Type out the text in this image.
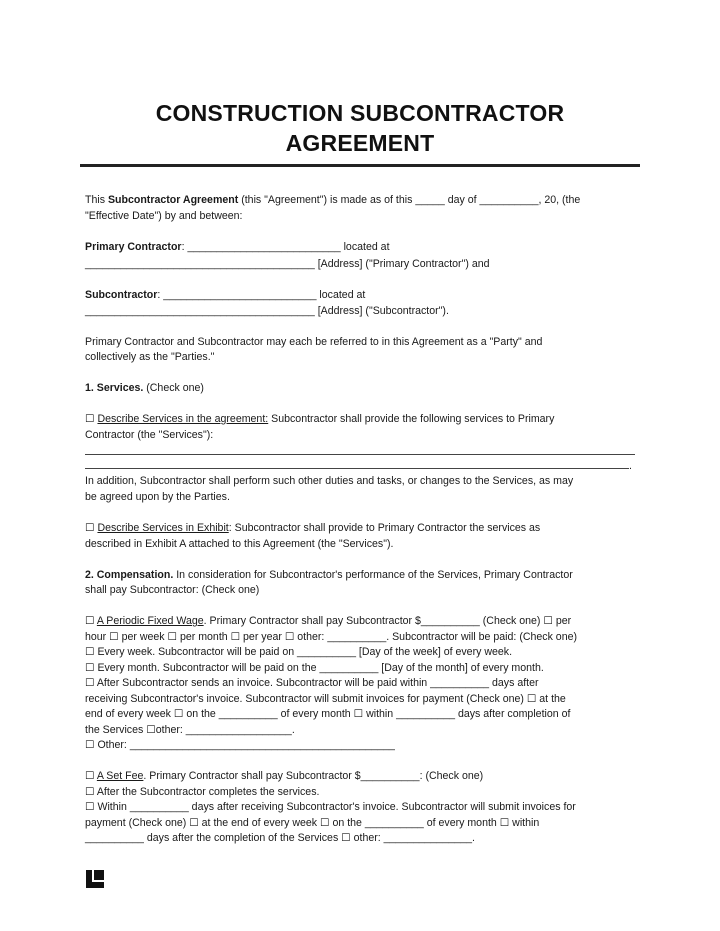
CONSTRUCTION SUBCONTRACTOR
AGREEMENT
This Subcontractor Agreement (this "Agreement") is made as of this _____ day of __________, 20, (the
"Effective Date") by and between:
Primary Contractor: __________________________ located at
_______________________________________ [Address] ("Primary Contractor") and
Subcontractor: __________________________ located at
_______________________________________ [Address] ("Subcontractor").
Primary Contractor and Subcontractor may each be referred to in this Agreement as a "Party" and
collectively as the "Parties."
1. Services. (Check one)
☐ Describe Services in the agreement: Subcontractor shall provide the following services to Primary
Contractor (the "Services"):
.
In addition, Subcontractor shall perform such other duties and tasks, or changes to the Services, as may
be agreed upon by the Parties.
☐ Describe Services in Exhibit: Subcontractor shall provide to Primary Contractor the services as
described in Exhibit A attached to this Agreement (the "Services").
2. Compensation. In consideration for Subcontractor's performance of the Services, Primary Contractor
shall pay Subcontractor: (Check one)
☐ A Periodic Fixed Wage. Primary Contractor shall pay Subcontractor $__________ (Check one) ☐ per
hour ☐ per week ☐ per month ☐ per year ☐ other: __________. Subcontractor will be paid: (Check one)
☐ Every week. Subcontractor will be paid on __________ [Day of the week] of every week.
☐ Every month. Subcontractor will be paid on the __________ [Day of the month] of every month.
☐ After Subcontractor sends an invoice. Subcontractor will be paid within __________ days after
receiving Subcontractor's invoice. Subcontractor will submit invoices for payment (Check one) ☐ at the
end of every week ☐ on the __________ of every month ☐ within __________ days after completion of
the Services ☐other: __________________.
☐ Other: _____________________________________________
☐ A Set Fee. Primary Contractor shall pay Subcontractor $__________: (Check one)
☐ After the Subcontractor completes the services.
☐ Within __________ days after receiving Subcontractor's invoice. Subcontractor will submit invoices for
payment (Check one) ☐ at the end of every week ☐ on the __________ of every month ☐ within
__________ days after the completion of the Services ☐ other: _______________.
